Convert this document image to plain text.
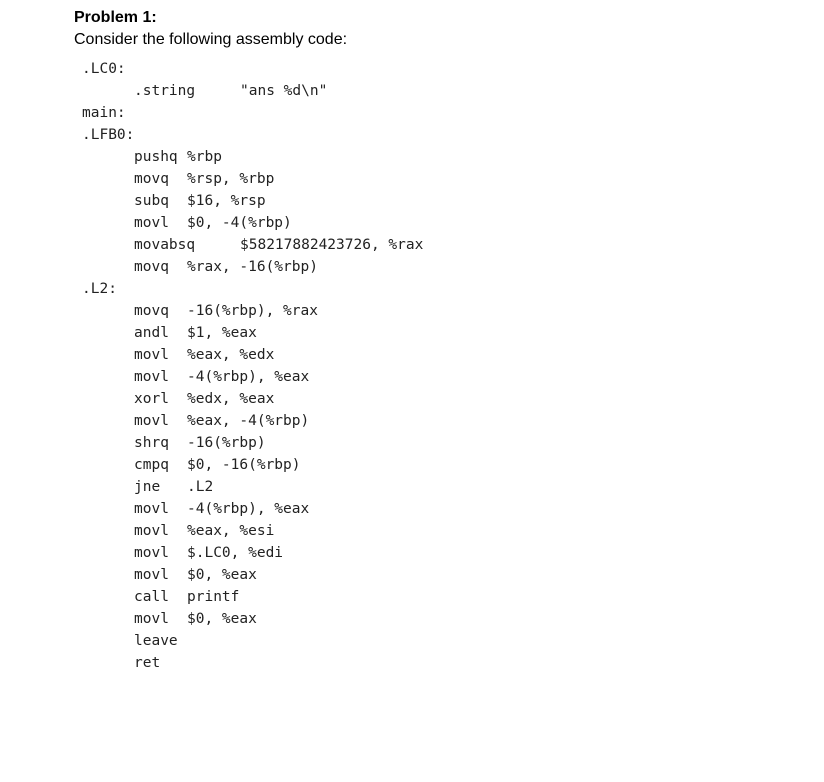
Problem 1:
Consider the following assembly code:
.LC0:
.string	"ans %d\n"
main:
.LFB0:
pushq %rbp
movq %rsp, %rbp
subq $16, %rsp
movl $0, -4(%rbp)
movabsq	$58217882423726, %rax
movq %rax, -16(%rbp)
.L2:
movq -16(%rbp), %rax
andl $1, %eax
movl %eax, %edx
movl -4(%rbp), %eax
xorl %edx, %eax
movl %eax, -4(%rbp)
shrq -16(%rbp)
cmpq $0, -16(%rbp)
jne .L2
movl -4(%rbp), %eax
movl %eax, %esi
movl $.LC0, %edi
movl $0, %eax
call printf
movl $0, %eax
leave
ret
